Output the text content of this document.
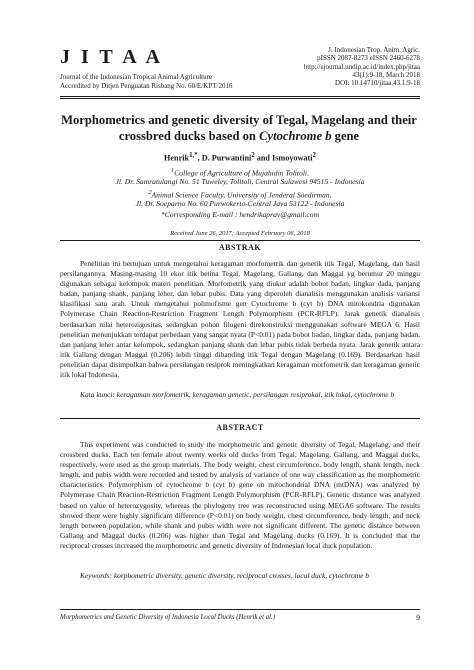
J I T A A
Journal of the Indonesian Tropical Animal Agriculture
Accredited by Ditjen Penguatan Risbang No. 60/E/KPT/2016
J. Indonesian Trop. Anim. Agric.
pISSN 2087-8273 eISSN 2460-6278
http://ejournal.undip.ac.id/index.php/jitaa
43(1):9-18, March 2018
DOI: 10.14710/jitaa.43.1.9-18
Morphometrics and genetic diversity of Tegal, Magelang and their
crossbred ducks based on Cytochrome b gene
Henrik$^{1,*}$, D. Purwantini$^2$ and Ismoyowati$^2$
$^1$College of Agriculture of Mujahidin Tolitoli,
Jl. Dr. Samratulangi No. 51 Tuweley, Tolitoli, Central Sulawesi 94515 - Indonesia
$^2$Animal Science Faculty, University of Jenderal Soedirman,
Jl. Dr. Soeparno No. 60 Purwokerto-Central Java 53122 - Indonesia
*Corresponding E-mail : hendrikaprav@gmail.com
Received June 26, 2017; Accepted February 06, 2018
ABSTRAK

Penelitian ini bertujuan untuk mengetahui keragaman morfometrik dan genetik itik Tegal, Magelang, dan hasil persilangannya. Masing-masing 10 ekor itik betina Tegal, Magelang, Gallang, dan Maggal yg berumur 20 minggu digunakan sebagai kelompok materi penelitian. Morfometrik yang diukur adalah bobot badan, lingkar dada, panjang badan, panjang shank, panjang leher, dan lebar pubis. Data yang diperoleh dianalisis menggunakan analisis variansi klasifikasi satu arah. Untuk mengetahui polimofisme gen Cytochrome b (cyt b) DNA mitokondria digunakan Polymerase Chain Reaction-Restriction Fragment Length Polymorphism (PCR-RFLP). Jarak genetik dianalisis berdasarkan nilai heterozigositas, sedangkan pohon filogeni direkonstruksi menggunakan software MEGA 6. Hasil penelitian menunjukkan terdapat perbedaan yang sangat nyata (P<0.01) pada bobot badan, lingkar dada, panjang badan, dan panjang leher antar kelompok, sedangkan panjang shank dan lebar pubis tidak berbeda nyata. Jarak genetik antara itik Gallang dengan Maggal (0.206) lebih tinggi dibanding itik Tegal dengan Magelang (0.169). Berdasarkan hasil penelitian dapat disimpulkan bahwa persilangan resiprok meningkatkan keragaman morfometrik dan keragaman genetic itik lokal Indonesia.

Kata kunci: keragaman morfometrik, keragaman genetic, persilangan resiprokal, itik lokal, cytochrome b
ABSTRACT

This experiment was conducted to study the morphometric and genetic diversity of Tegal, Magelang, and their crossbred ducks. Each ten female about twenty weeks old ducks from Tegal, Magelang, Gallang, and Maggal ducks, respectively, were used as the group materials. The body weight, chest circumference, body length, shank length, neck length, and pubis width were recorded and tested by analysis of variance of one way classification as the morphometric characteristics. Polymorphism of cytochrome b (cyt b) gene on mitochondrial DNA (mtDNA) was analyzed by Polymerase Chain Reaction-Restriction Fragment Length Polymorphism (PCR-RFLP). Genetic distance was analyzed based on value of heterozygosity, whereas the phylogeny tree was reconstructed using MEGA6 software. The results showed there were highly significant difference (P<0.01) on body weight, chest circumference, body length, and neck length between population, while shank and pubis width were not significant different. The genetic distance between Gallang and Maggal ducks (0.206) was higher than Tegal and Magelang ducks (0.169). It is concluded that the reciprocal crosses increased the morphometric and genetic diversity of Indonesian local duck population.

Keywords: korphometric diversity, genetic diversity, reciprocal crosses, local duck, cytochrome b
Morphometrics and Genetic Diversity of Indonesia Local Ducks (Henrik et al.)	9
